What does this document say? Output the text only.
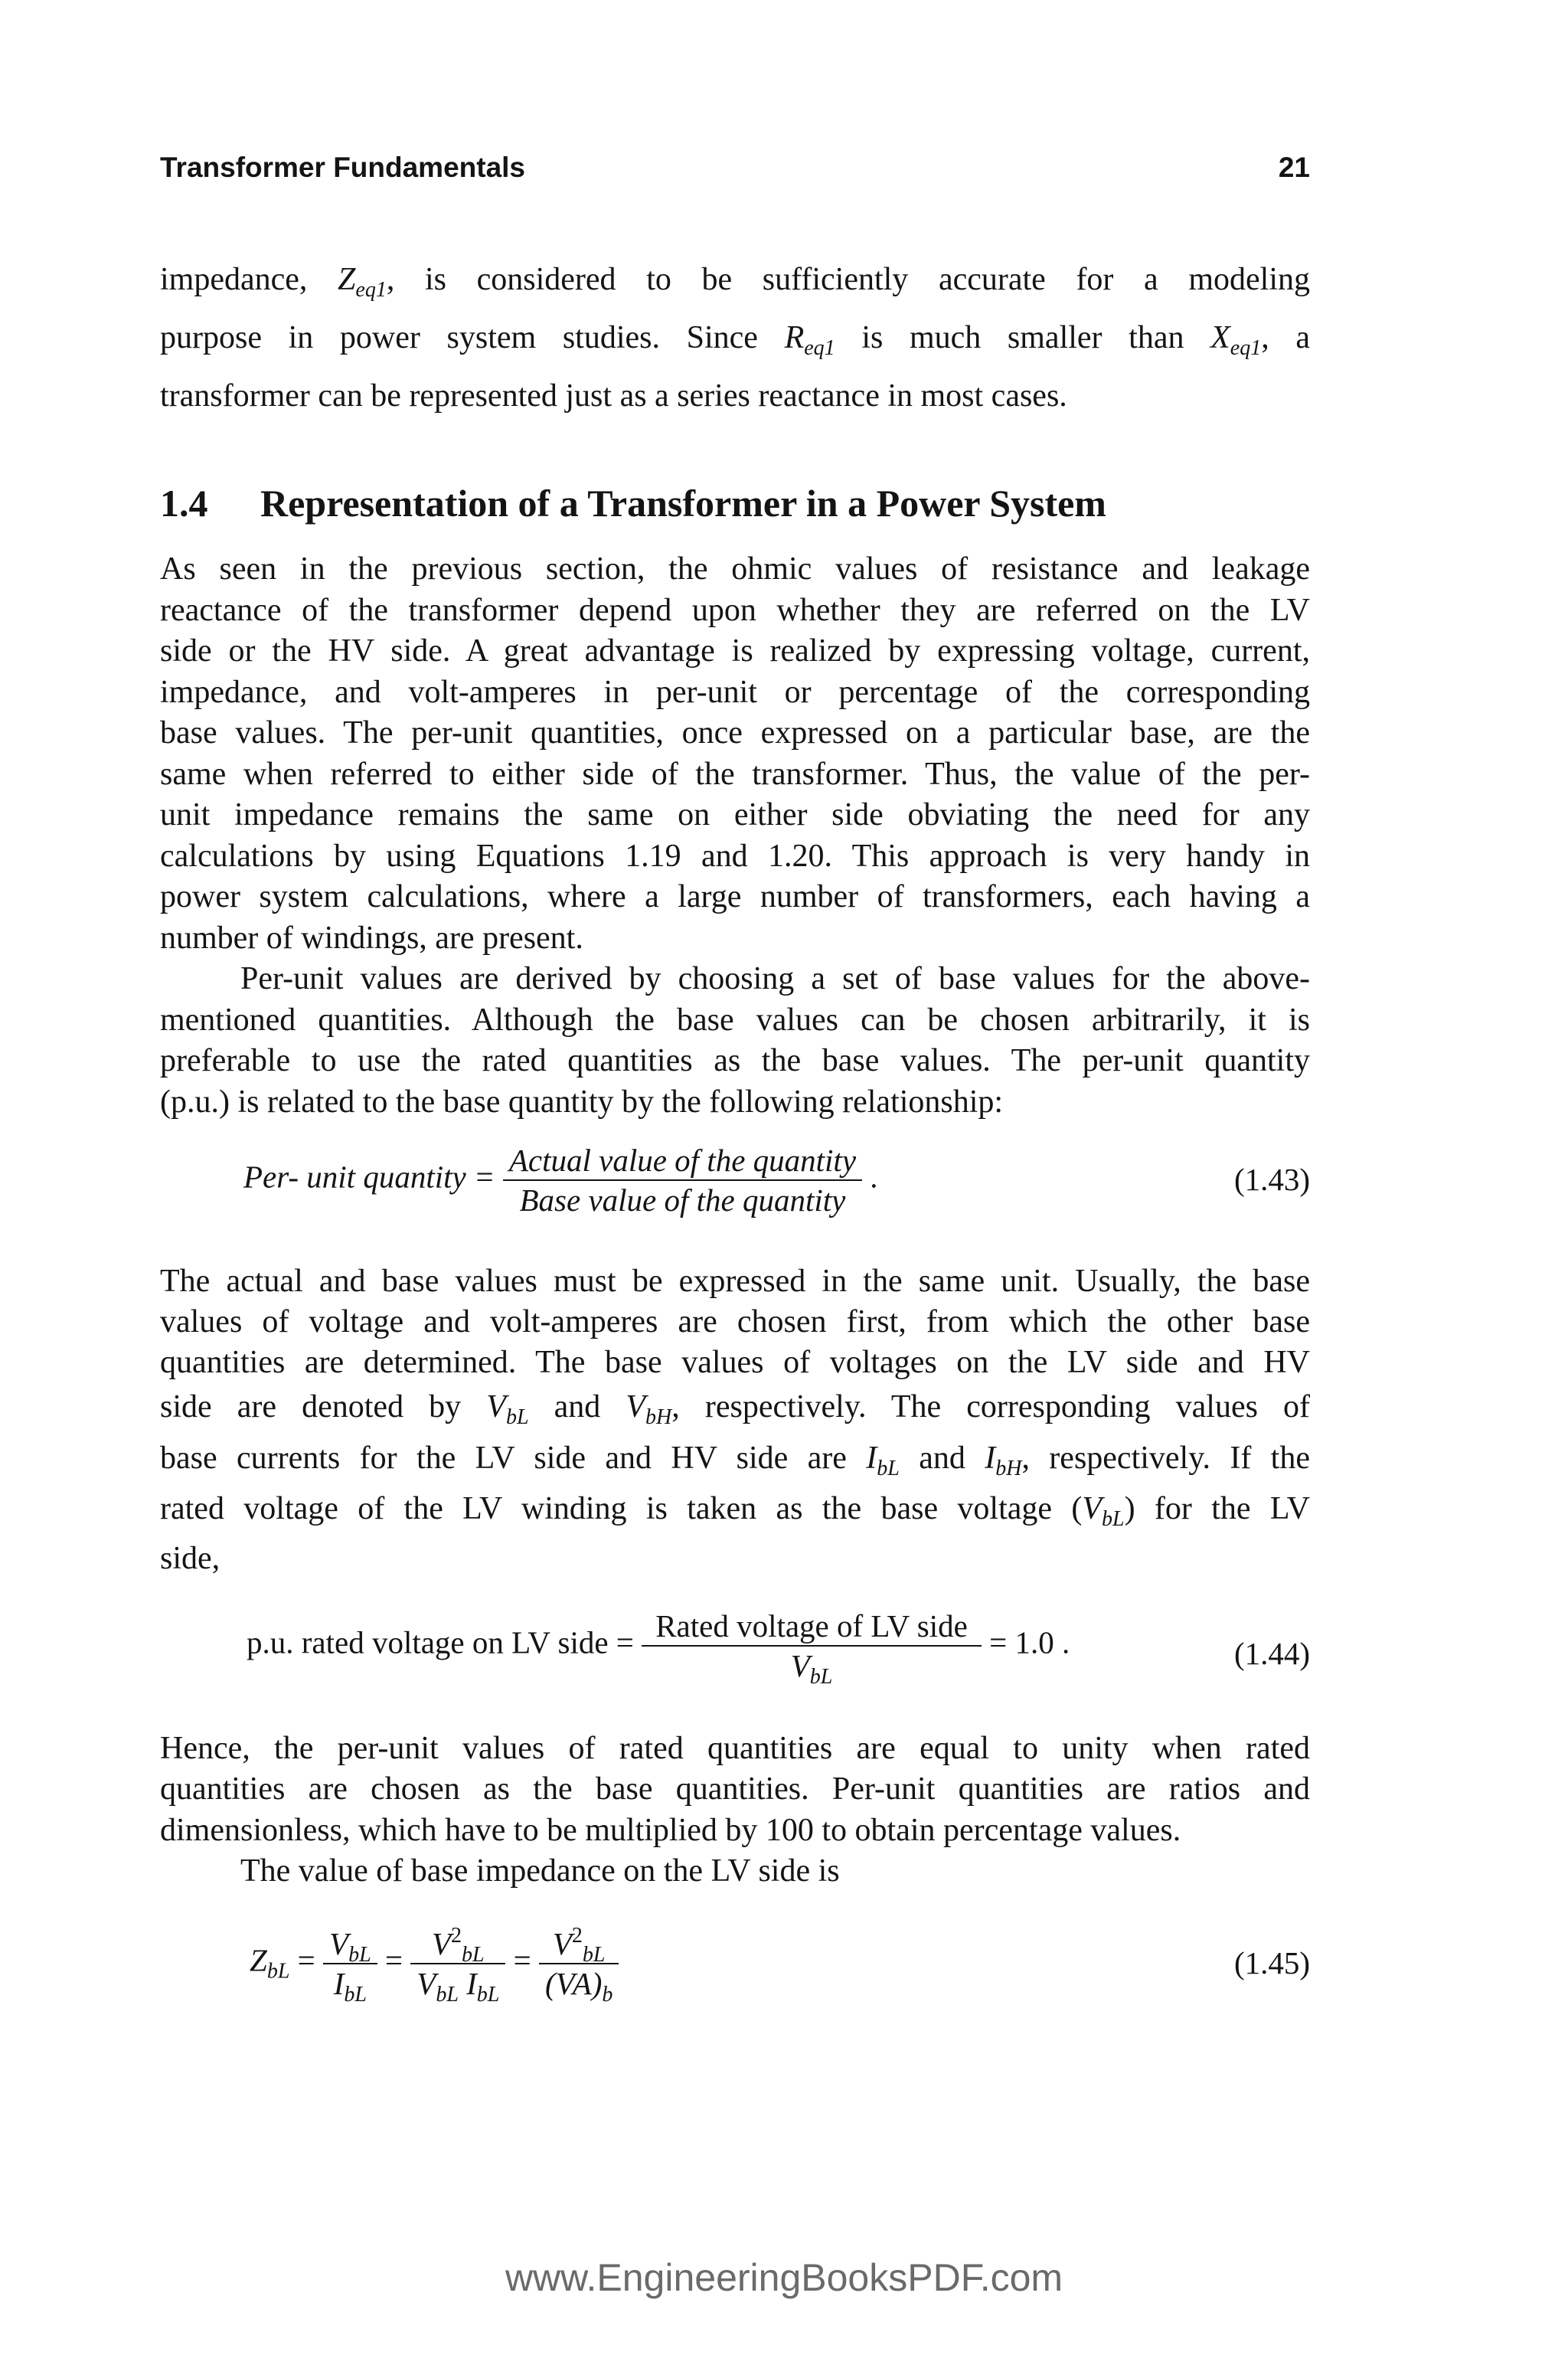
Transformer Fundamentals	21
impedance, $Z_{eq1}$, is considered to be sufficiently accurate for a modeling
purpose in power system studies. Since $R_{eq1}$ is much smaller than $X_{eq1}$, a
transformer can be represented just as a series reactance in most cases.
1.4 Representation of a Transformer in a Power System
As seen in the previous section, the ohmic values of resistance and leakage
reactance of the transformer depend upon whether they are referred on the LV
side or the HV side. A great advantage is realized by expressing voltage, current,
impedance, and volt-amperes in per-unit or percentage of the corresponding
base values. The per-unit quantities, once expressed on a particular base, are the
same when referred to either side of the transformer. Thus, the value of the per-
unit impedance remains the same on either side obviating the need for any
calculations by using Equations 1.19 and 1.20. This approach is very handy in
power system calculations, where a large number of transformers, each having a
number of windings, are present.
Per-unit values are derived by choosing a set of base values for the above-
mentioned quantities. Although the base values can be chosen arbitrarily, it is
preferable to use the rated quantities as the base values. The per-unit quantity
(p.u.) is related to the base quantity by the following relationship:
Per- unit quantity = $\frac{\text{Actual value of the quantity}}{\text{Base value of the quantity}}$ .	(1.43)
The actual and base values must be expressed in the same unit. Usually, the base
values of voltage and volt-amperes are chosen first, from which the other base
quantities are determined. The base values of voltages on the LV side and HV
side are denoted by $V_{bL}$ and $V_{bH}$, respectively. The corresponding values of
base currents for the LV side and HV side are $I_{bL}$ and $I_{bH}$, respectively. If the
rated voltage of the LV winding is taken as the base voltage $(V_{bL})$ for the LV
side,
p.u. rated voltage on LV side = $\frac{\text{Rated voltage of LV side}}{V_{bL}} = 1.0$ .	(1.44)
Hence, the per-unit values of rated quantities are equal to unity when rated
quantities are chosen as the base quantities. Per-unit quantities are ratios and
dimensionless, which have to be multiplied by 100 to obtain percentage values.
The value of base impedance on the LV side is
$Z_{bL} = \frac{V_{bL}}{I_{bL}} = \frac{V^2_{bL}}{V_{bL} I_{bL}} = \frac{V^2_{bL}}{(VA)_b}$	(1.45)
www.EngineeringBooksPDF.com
